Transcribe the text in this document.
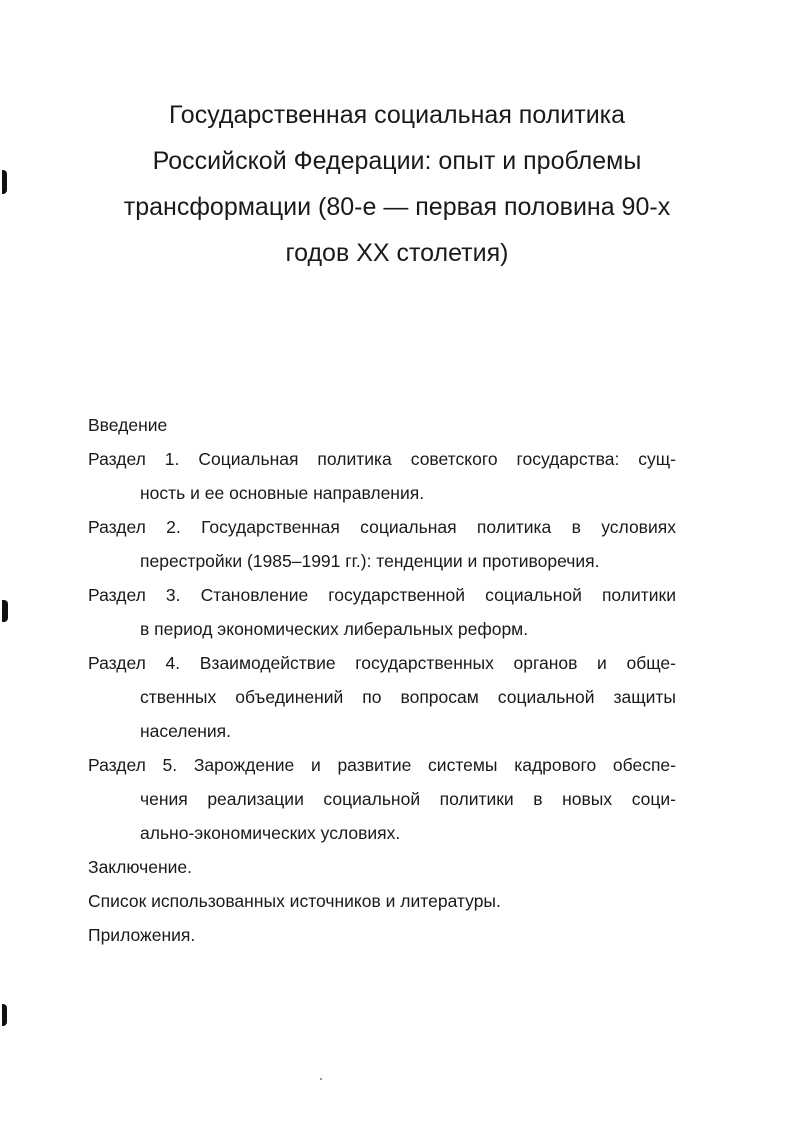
Государственная социальная политика
Российской Федерации: опыт и проблемы
трансформации (80-е — первая половина 90-х
годов XX столетия)
Введение
Раздел 1. Социальная политика советского государства: сущ-
ность и ее основные направления.
Раздел 2. Государственная социальная политика в условиях
перестройки (1985–1991 гг.): тенденции и противоречия.
Раздел 3. Становление государственной социальной политики
в период экономических либеральных реформ.
Раздел 4. Взаимодействие государственных органов и обще-
ственных объединений по вопросам социальной защиты
населения.
Раздел 5. Зарождение и развитие системы кадрового обеспе-
чения реализации социальной политики в новых соци-
ально-экономических условиях.
Заключение.
Список использованных источников и литературы.
Приложения.
